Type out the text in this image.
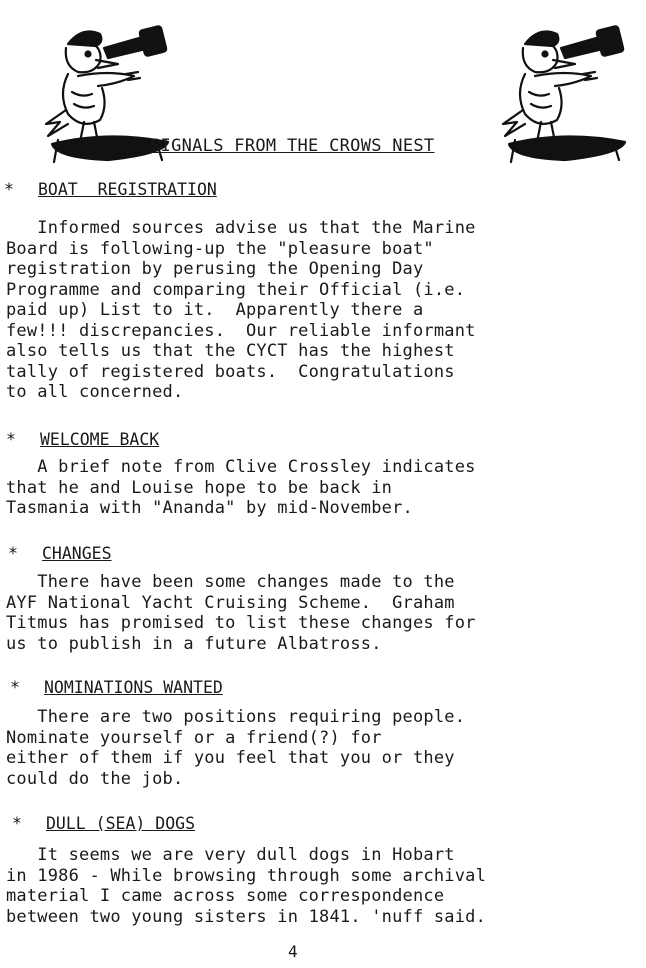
SIGNALS FROM THE CROWS NEST
* BOAT  REGISTRATION
Informed sources advise us that the Marine
Board is following-up the "pleasure boat"
registration by perusing the Opening Day
Programme and comparing their Official (i.e.
paid up) List to it.  Apparently there a
few!!! discrepancies.  Our reliable informant
also tells us that the CYCT has the highest
tally of registered boats.  Congratulations
to all concerned.
* WELCOME BACK
A brief note from Clive Crossley indicates
that he and Louise hope to be back in
Tasmania with "Ananda" by mid-November.
* CHANGES
There have been some changes made to the
AYF National Yacht Cruising Scheme.  Graham
Titmus has promised to list these changes for
us to publish in a future Albatross.
* NOMINATIONS WANTED
There are two positions requiring people.
Nominate yourself or a friend(?) for
either of them if you feel that you or they
could do the job.
* DULL (SEA) DOGS
It seems we are very dull dogs in Hobart
in 1986 - While browsing through some archival
material I came across some correspondence
between two young sisters in 1841. 'nuff said.
4
